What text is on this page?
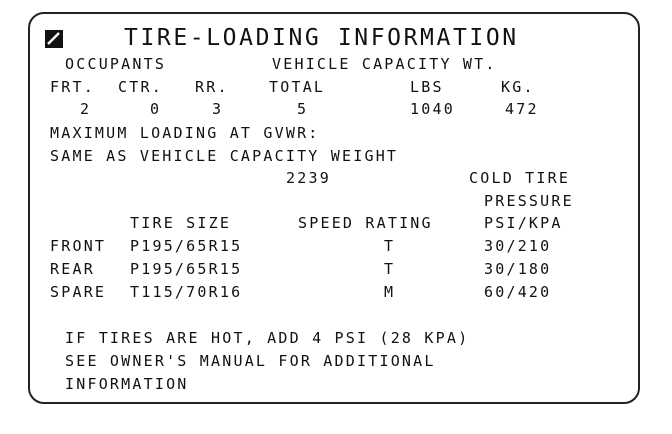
TIRE-LOADING INFORMATION
OCCUPANTS	VEHICLE CAPACITY WT.
FRT. CTR. RR.	TOTAL	LBS	KG.
2	0	3	5	1040	472
MAXIMUM LOADING AT GVWR:
SAME AS VEHICLE CAPACITY WEIGHT
2239	COLD TIRE
PRESSURE
TIRE SIZE	SPEED RATING	PSI/KPA
FRONT P195/65R15	T	30/210
REAR P195/65R15	T	30/180
SPARE T115/70R16	M	60/420
IF TIRES ARE HOT, ADD 4 PSI (28 KPA)
SEE OWNER'S MANUAL FOR ADDITIONAL
INFORMATION
